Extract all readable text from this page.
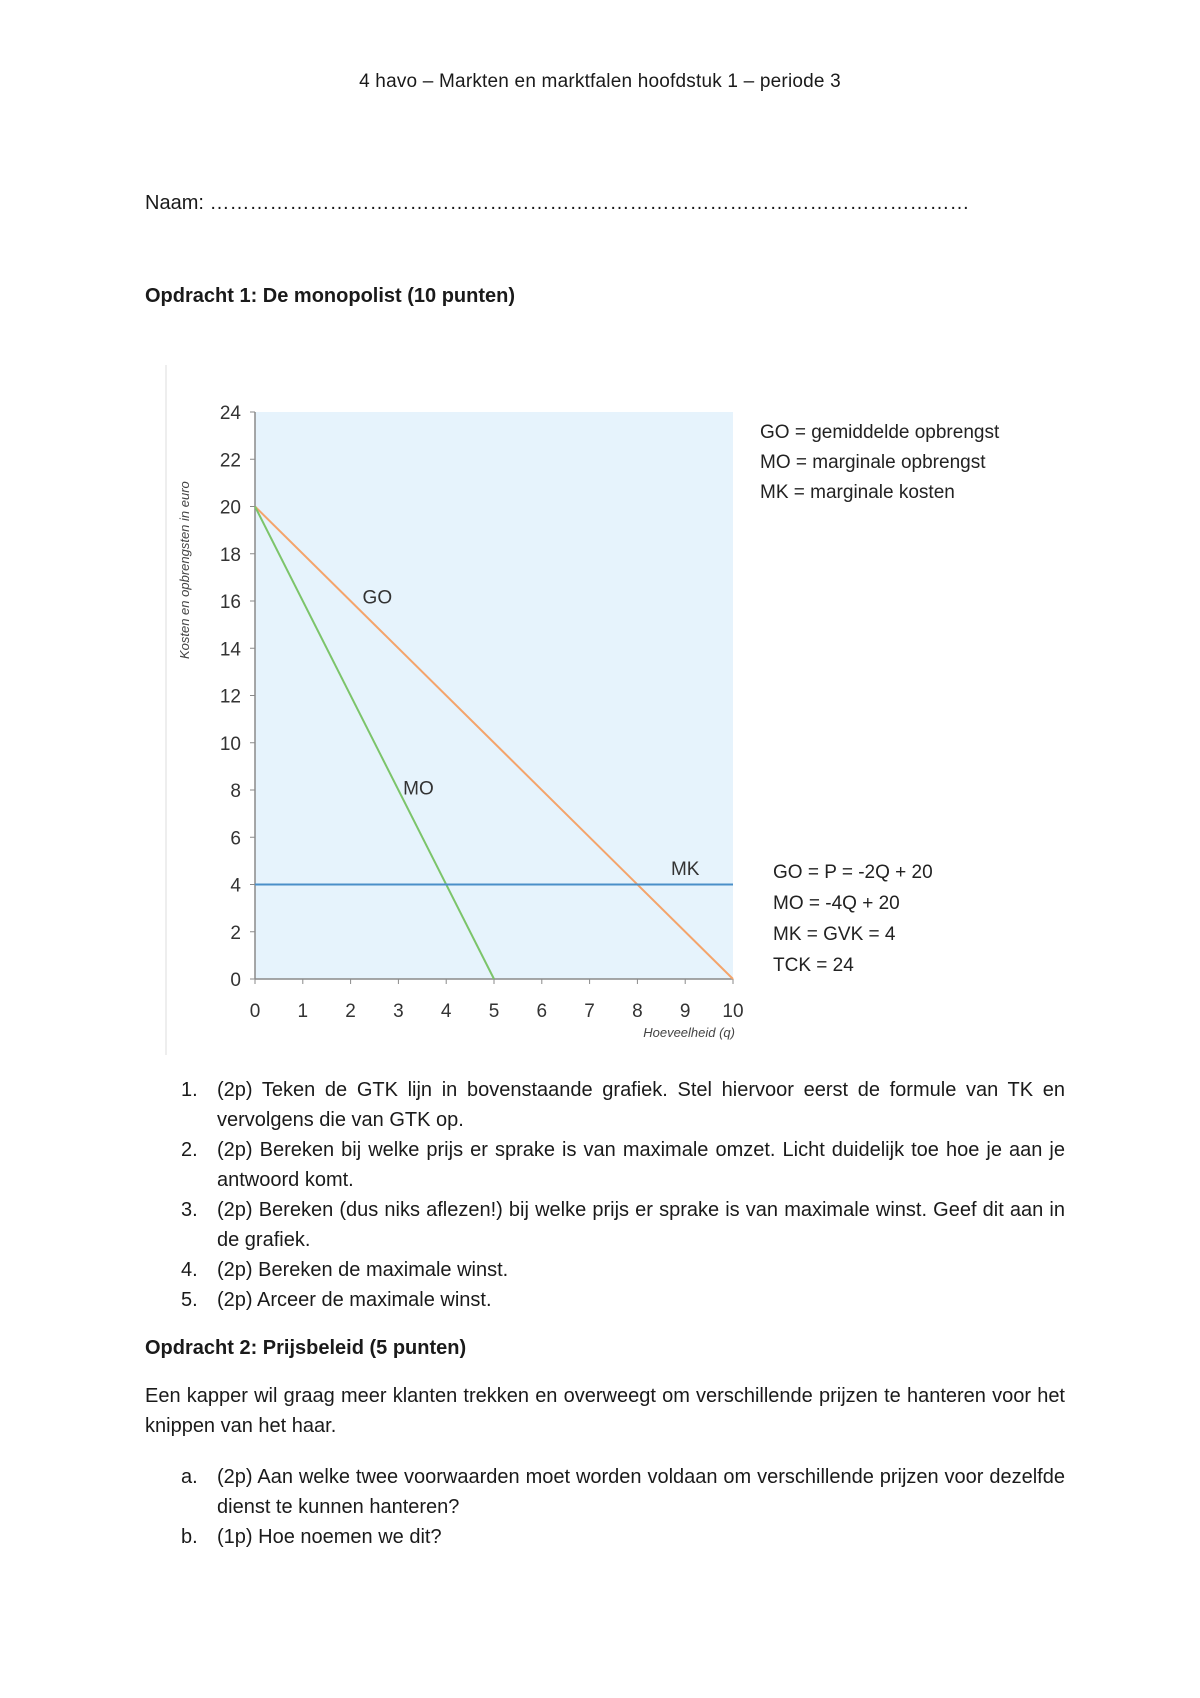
4 havo – Markten en marktfalen hoofdstuk 1 – periode 3
Naam: ……………………………………………………………………………………………………
Opdracht 1: De monopolist (10 punten)
0
2
4
6
8
10
12
14
16
18
20
22
24
0 1 2 3 4 5 6 7 8 9 10
Hoeveelheid (q)
Kosten en opbrengsten in euro	GO
MO
MK
GO = gemiddelde opbrengst
MO = marginale opbrengst
MK = marginale kosten
GO = P = -2Q + 20
MO = -4Q + 20
MK = GVK = 4
TCK = 24
1. (2p) Teken de GTK lijn in bovenstaande grafiek. Stel hiervoor eerst de formule van TK en vervolgens die van GTK op.
2. (2p) Bereken bij welke prijs er sprake is van maximale omzet. Licht duidelijk toe hoe je aan je antwoord komt.
3. (2p) Bereken (dus niks aflezen!) bij welke prijs er sprake is van maximale winst. Geef dit aan in de grafiek.
4. (2p) Bereken de maximale winst.
5. (2p) Arceer de maximale winst.
Opdracht 2: Prijsbeleid (5 punten)
Een kapper wil graag meer klanten trekken en overweegt om verschillende prijzen te hanteren voor het knippen van het haar.
a. (2p) Aan welke twee voorwaarden moet worden voldaan om verschillende prijzen voor dezelfde dienst te kunnen hanteren?
b. (1p) Hoe noemen we dit?
